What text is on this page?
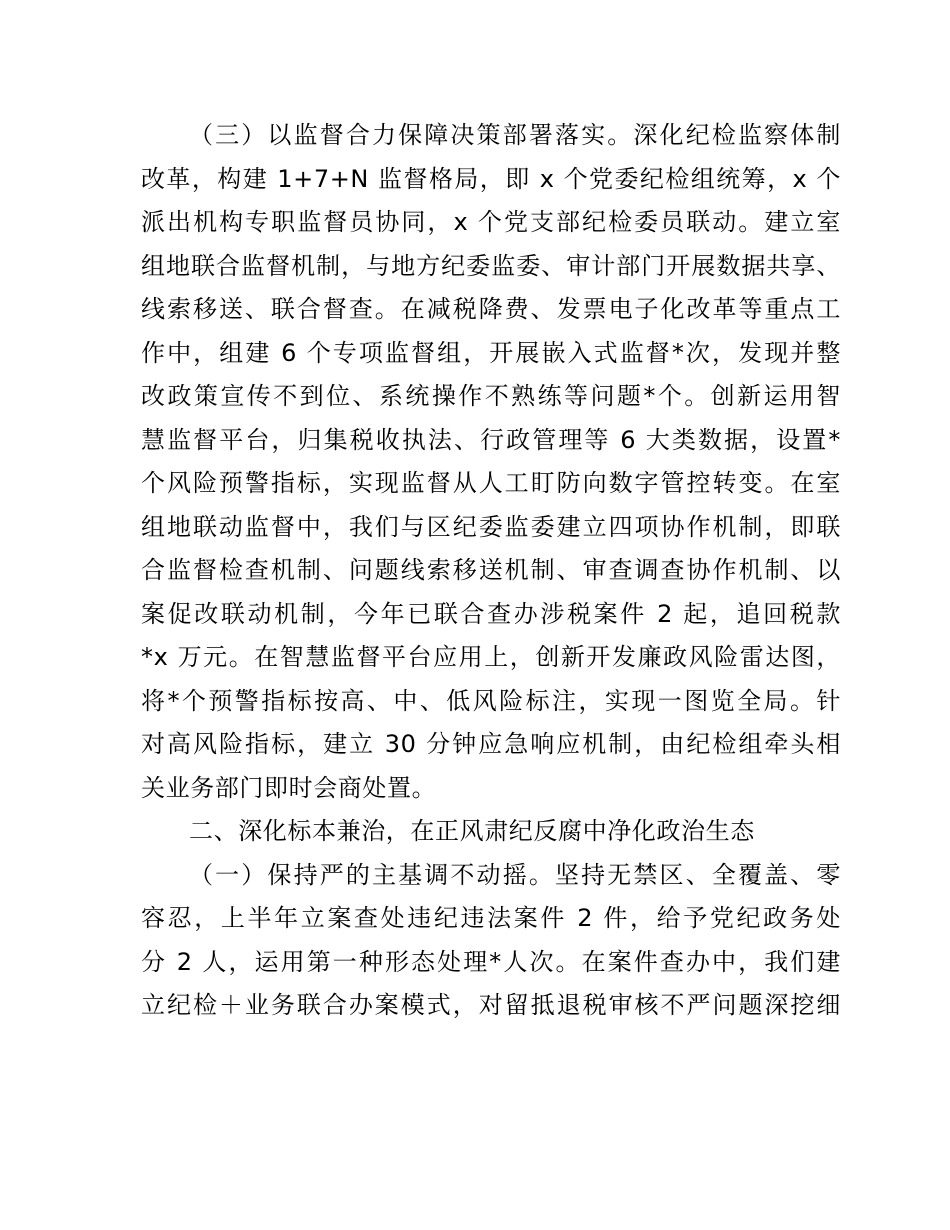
（三）以监督合力保障决策部署落实。深化纪检监察体制
改革，构建 1+7+N 监督格局，即 x 个党委纪检组统筹，x 个
派出机构专职监督员协同，x 个党支部纪检委员联动。建立室
组地联合监督机制，与地方纪委监委、审计部门开展数据共享、
线索移送、联合督查。在减税降费、发票电子化改革等重点工
作中，组建 6 个专项监督组，开展嵌入式监督*次，发现并整
改政策宣传不到位、系统操作不熟练等问题*个。创新运用智
慧监督平台，归集税收执法、行政管理等 6 大类数据，设置*
个风险预警指标，实现监督从人工盯防向数字管控转变。在室
组地联动监督中，我们与区纪委监委建立四项协作机制，即联
合监督检查机制、问题线索移送机制、审查调查协作机制、以
案促改联动机制，今年已联合查办涉税案件 2 起，追回税款
*x 万元。在智慧监督平台应用上，创新开发廉政风险雷达图，
将*个预警指标按高、中、低风险标注，实现一图览全局。针
对高风险指标，建立 30 分钟应急响应机制，由纪检组牵头相
关业务部门即时会商处置。

二、深化标本兼治，在正风肃纪反腐中净化政治生态

（一）保持严的主基调不动摇。坚持无禁区、全覆盖、零
容忍，上半年立案查处违纪违法案件 2 件，给予党纪政务处
分 2 人，运用第一种形态处理*人次。在案件查办中，我们建
立纪检＋业务联合办案模式，对留抵退税审核不严问题深挖细
